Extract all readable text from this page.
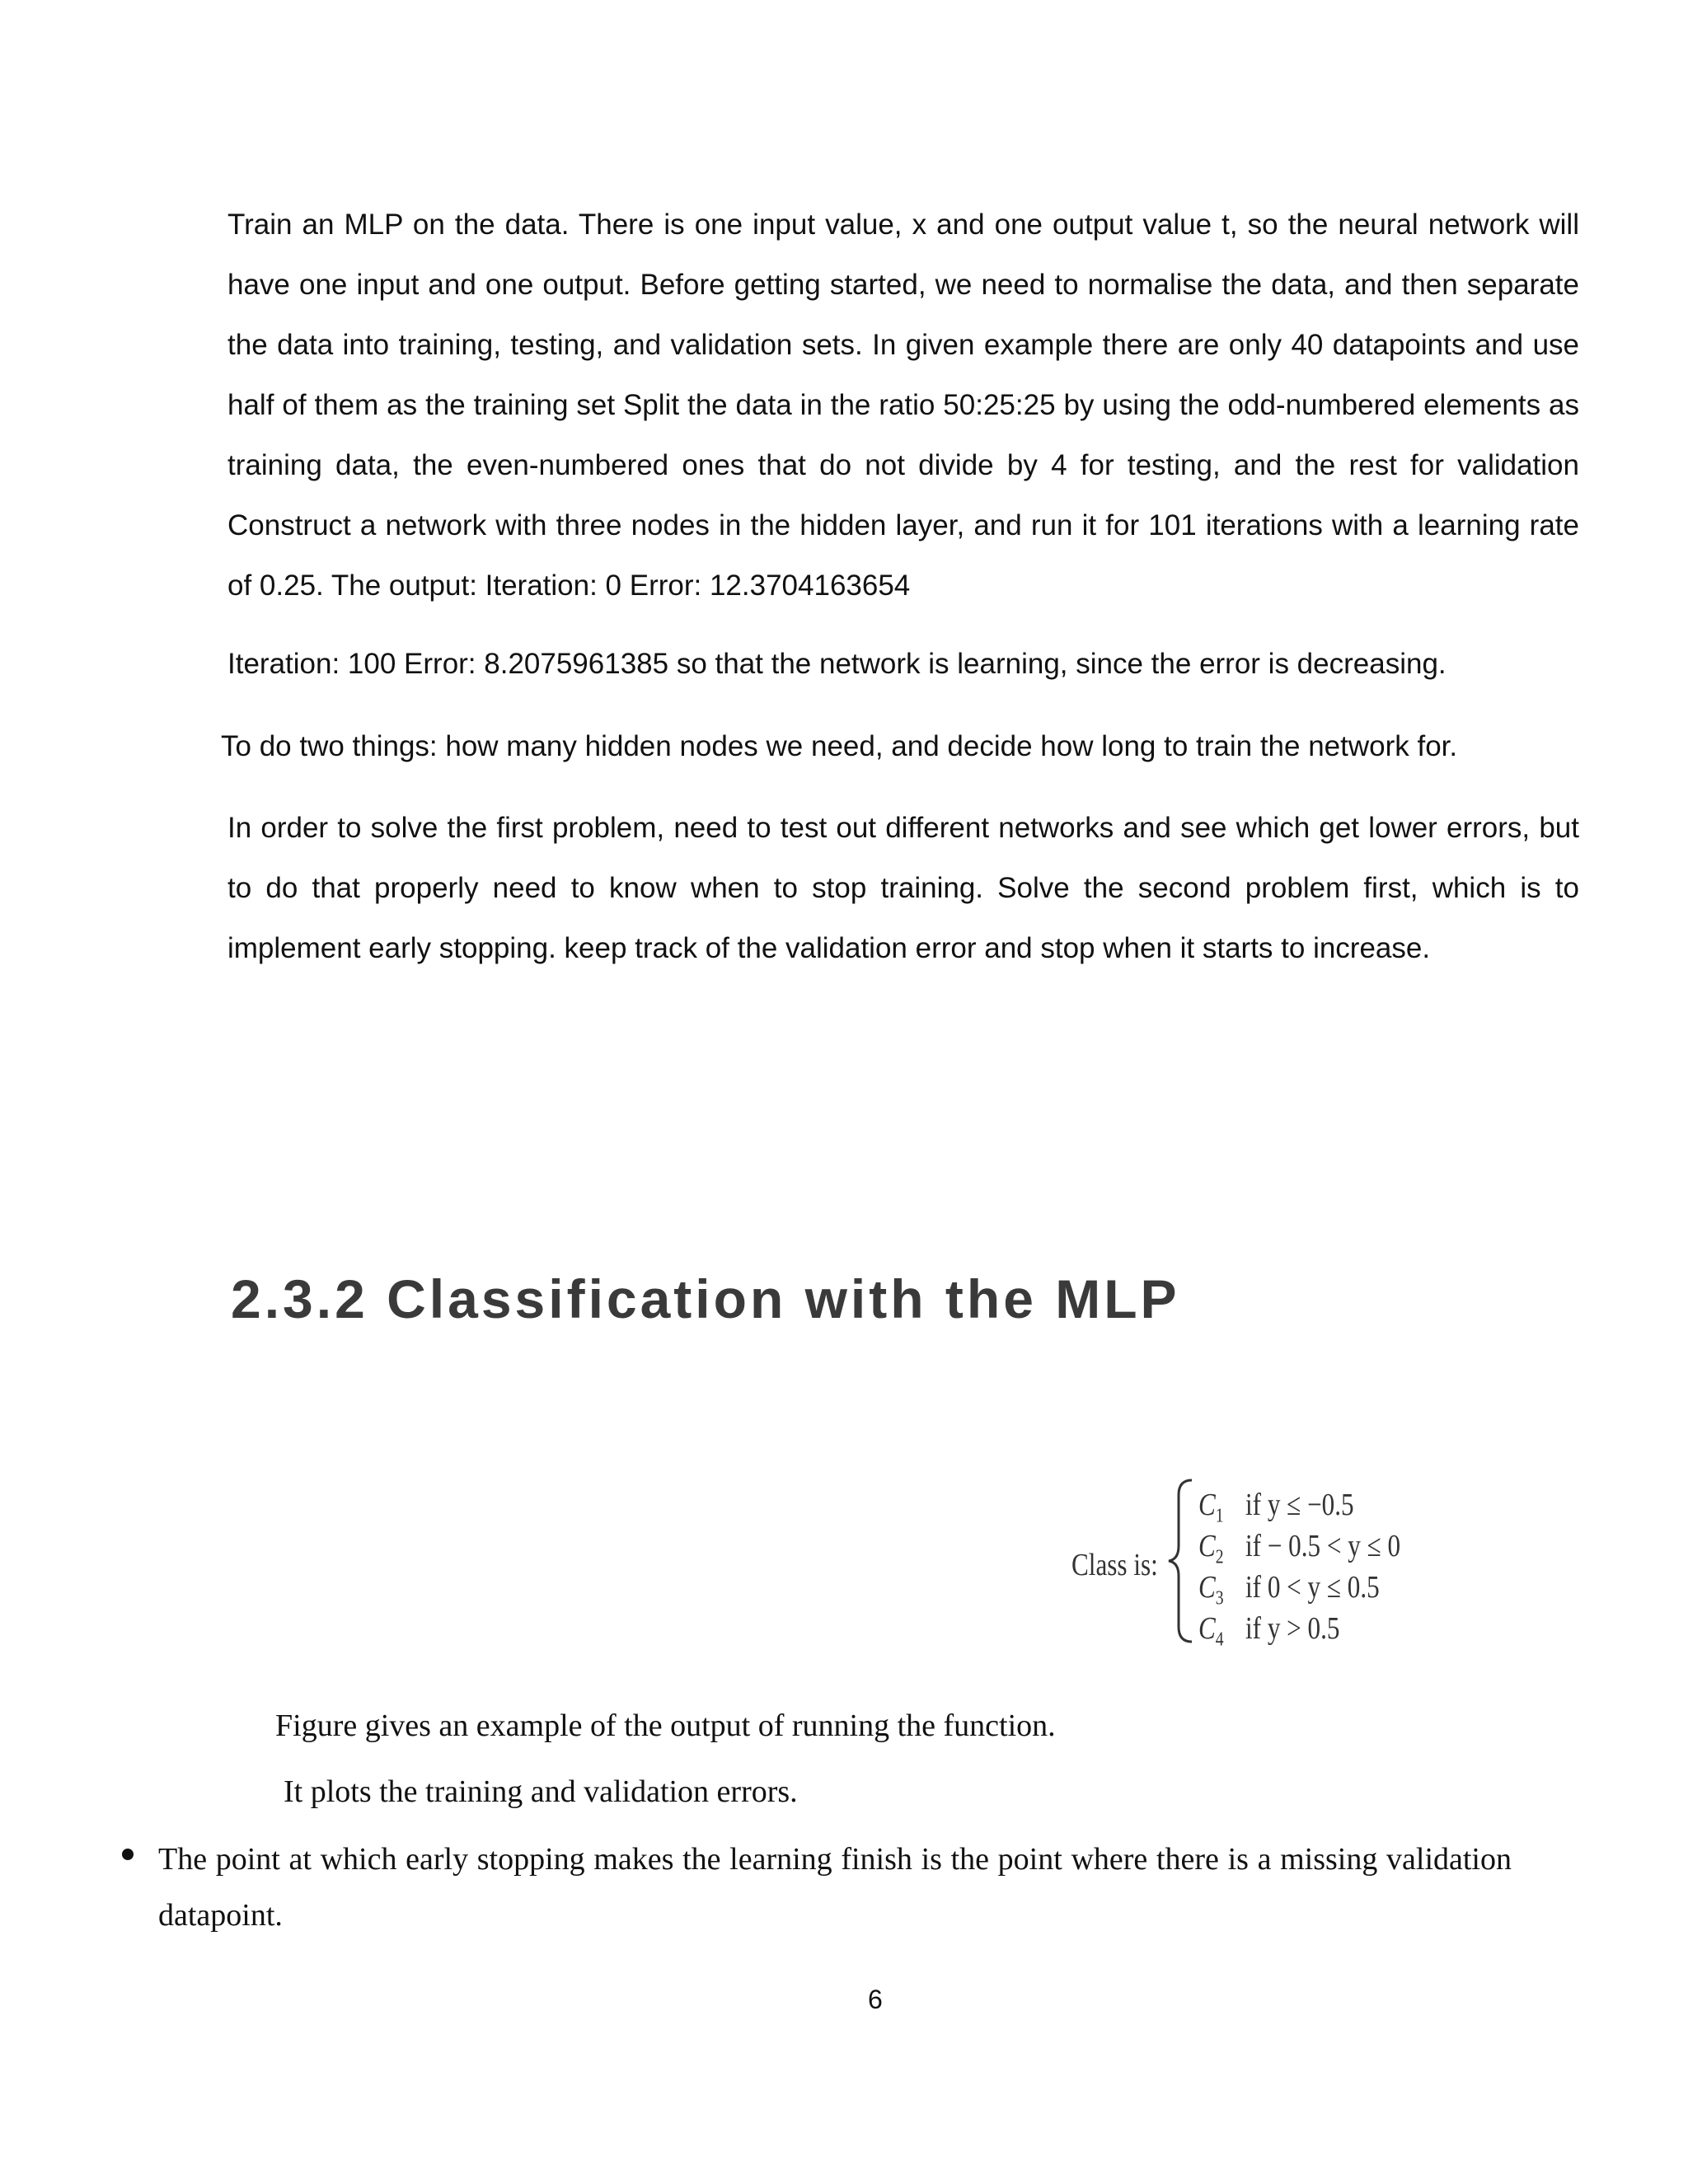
Train an MLP on the data. There is one input value, x and one output value t, so the neural network will have one input and one output. Before getting started, we need to normalise the data, and then separate the data into training, testing, and validation sets. In given example there are only 40 datapoints and use half of them as the training set Split the data in the ratio 50:25:25 by using the odd-numbered elements as training data, the even-numbered ones that do not divide by 4 for testing, and the rest for validation Construct a network with three nodes in the hidden layer, and run it for 101 iterations with a learning rate of 0.25. The output: Iteration: 0 Error: 12.3704163654
Iteration: 100 Error: 8.2075961385 so that the network is learning, since the error is decreasing.
To do two things: how many hidden nodes we need, and decide how long to train the network for.
In order to solve the first problem, need to test out different networks and see which get lower errors, but to do that properly need to know when to stop training. Solve the second problem first, which is to implement early stopping. keep track of the validation error and stop when it starts to increase.
2.3.2 Classification with the MLP
Class is:
$C_1$ if y ≤ −0.5
$C_2$ if − 0.5 < y ≤ 0
$C_3$ if 0 < y ≤ 0.5
$C_4$ if y > 0.5
Figure gives an example of the output of running the function.
It plots the training and validation errors.
The point at which early stopping makes the learning finish is the point where there is a missing validation datapoint.
6
